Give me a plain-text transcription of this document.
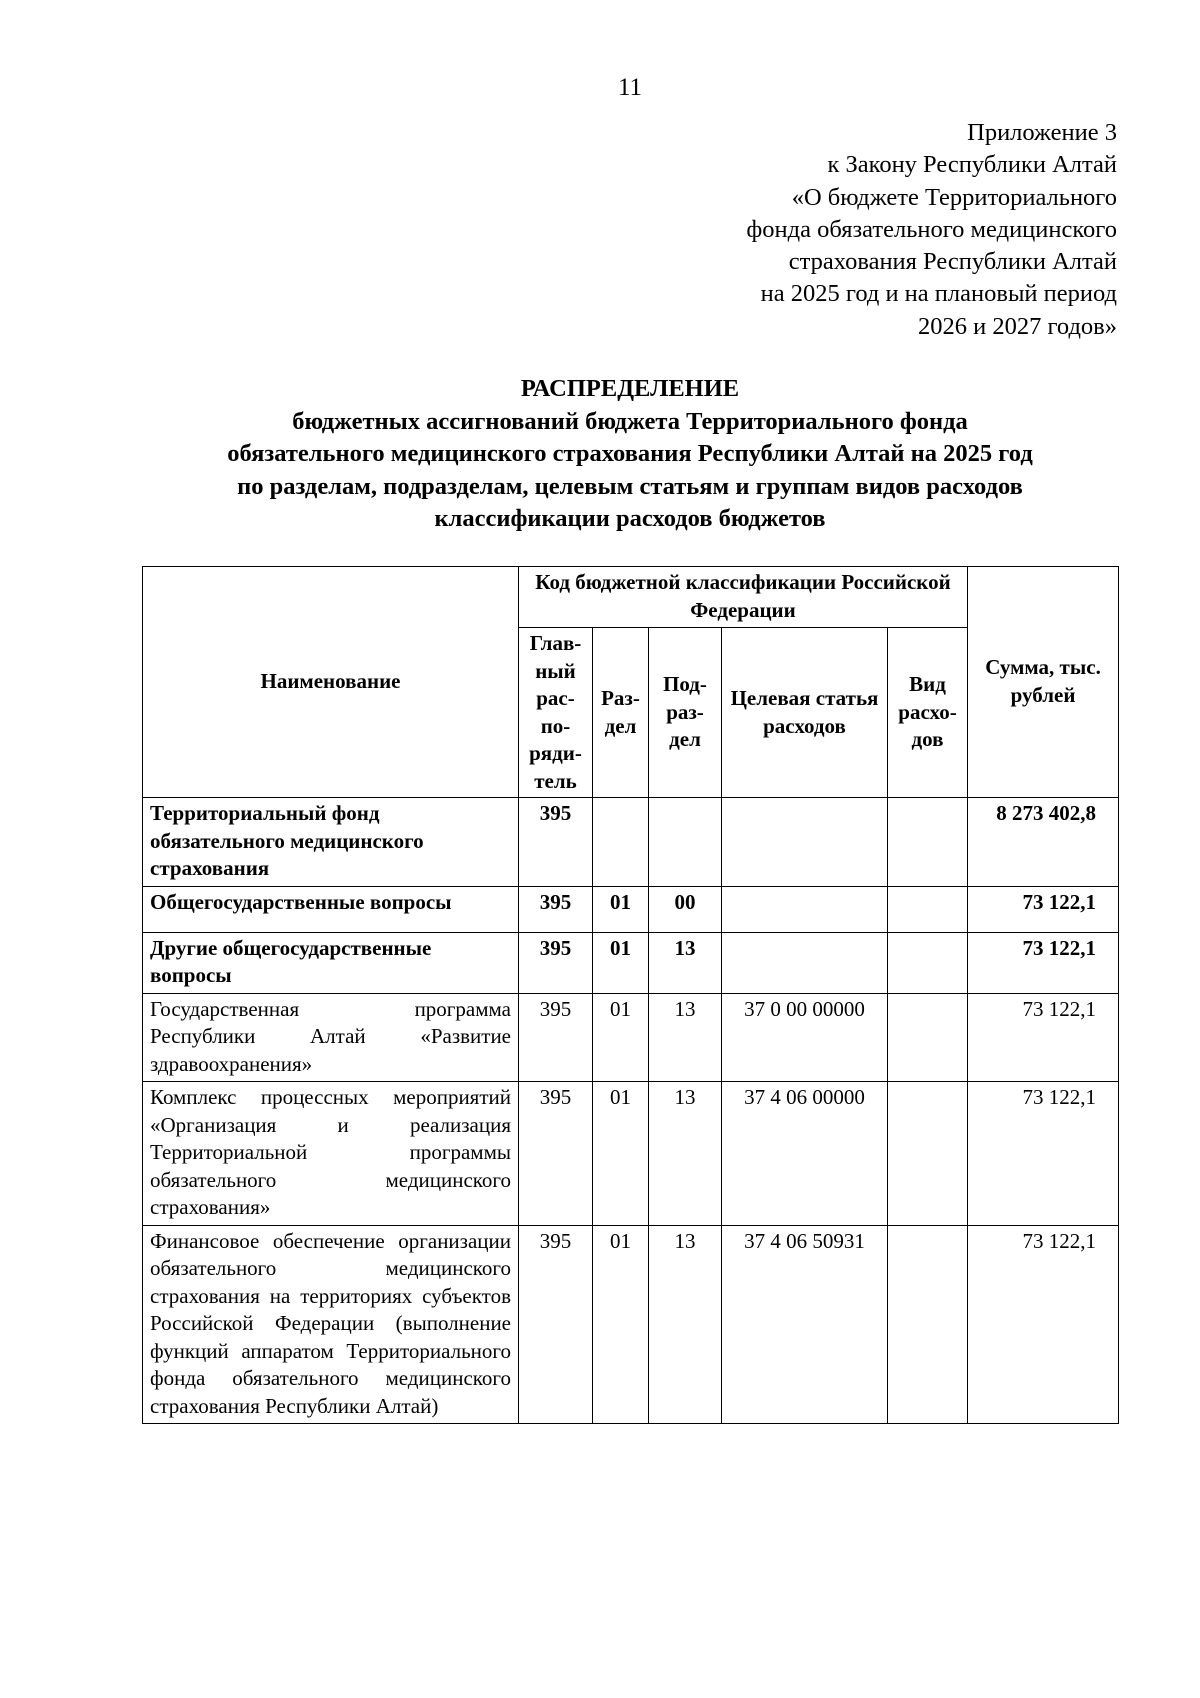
11
Приложение 3
к Закону Республики Алтай
«О бюджете Территориального
фонда обязательного медицинского
страхования Республики Алтай
на 2025 год и на плановый период
2026 и 2027 годов»
РАСПРЕДЕЛЕНИЕ
бюджетных ассигнований бюджета Территориального фонда
обязательного медицинского страхования Республики Алтай на 2025 год
по разделам, подразделам, целевым статьям и группам видов расходов
классификации расходов бюджетов
Наименование	Код бюджетной классификации Российской Федерации					Сумма, тыс. рублей
	Глав-ный рас-по-ряди-тель	Раз-дел	Под-раз-дел	Целевая статья расходов	Вид расхо-дов	
Территориальный фонд обязательного медицинского страхования	395					8 273 402,8
Общегосударственные вопросы	395	01	00			73 122,1
Другие общегосударственные вопросы	395	01	13			73 122,1
Государственная программа Республики Алтай «Развитие здравоохранения»	395	01	13	37 0 00 00000		73 122,1
Комплекс процессных мероприятий «Организация и реализация Территориальной программы обязательного медицинского страхования»	395	01	13	37 4 06 00000		73 122,1
Финансовое обеспечение организации обязательного медицинского страхования на территориях субъектов Российской Федерации (выполнение функций аппаратом Территориального фонда обязательного медицинского страхования Республики Алтай)	395	01	13	37 4 06 50931		73 122,1
